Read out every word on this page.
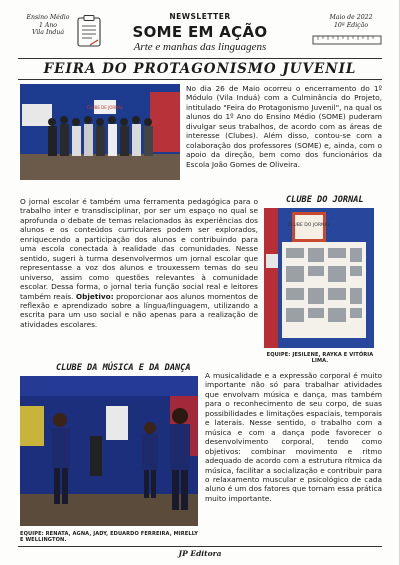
Ensino Médio
1 Ano
Vila Induá
NEWSLETTER
SOME EM AÇÃO
Arte e manhas das linguagens
Maio de 2022
10ª Edição
FEIRA DO PROTAGONISMO JUVENIL
CLUBE DE JORNAL
No dia 26 de Maio ocorreu o encerramento do 1º Módulo (Vila Induá) com a Culminância do Projeto, intitulado "Feira do Protagonismo Juvenil", na qual os alunos do 1º Ano do Ensino Médio (SOME) puderam divulgar seus trabalhos, de acordo com as áreas de interesse (Clubes). Além disso, contou-se com a colaboração dos professores (SOME) e, ainda, com o apoio da direção, bem como dos funcionários da Escola João Gomes de Oliveira.
O jornal escolar é também uma ferramenta pedagógica para o trabalho inter e transdisciplinar, por ser um espaço no qual se aprofunda o debate de temas relacionados às experiências dos alunos e os conteúdos curriculares podem ser explorados, enriquecendo a participação dos alunos e contribuindo para uma escola conectada à realidade das comunidades. Nesse sentido, sugeri à turma desenvolvermos um jornal escolar que representasse a voz dos alunos e trouxessem temas do seu universo, assim como questões relevantes à comunidade escolar. Dessa forma, o jornal teria função social real e leitores também reais. Objetivo: proporcionar aos alunos momentos de reflexão e aprendizado sobre a língua/linguagem, utilizando a escrita para um uso social e não apenas para a realização de atividades escolares.
CLUBE DO JORNAL
CLUBE DO JORNAL
EQUIPE: JESILENE, RAYKA E VITÓRIA LIMA.
CLUBE DA MÚSICA E DA DANÇA
EQUIPE: RENATA, AGNA, JADY, EDUARDO FERREIRA, MIRELLY E WELLINGTON.
A musicalidade e a expressão corporal é muito importante não só para trabalhar atividades que envolvam música e dança, mas também para o reconhecimento de seu corpo, de suas possibilidades e limitações espaciais, temporais e laterais. Nesse sentido, o trabalho com a música e com a dança pode favorecer o desenvolvimento corporal, tendo como objetivos: combinar movimento e ritmo adequado de acordo com a estrutura rítmica da música, facilitar a socialização e contribuir para o relaxamento muscular e psicológico de cada aluno é um dos fatores que tornam essa prática muito importante.
JP Editora
